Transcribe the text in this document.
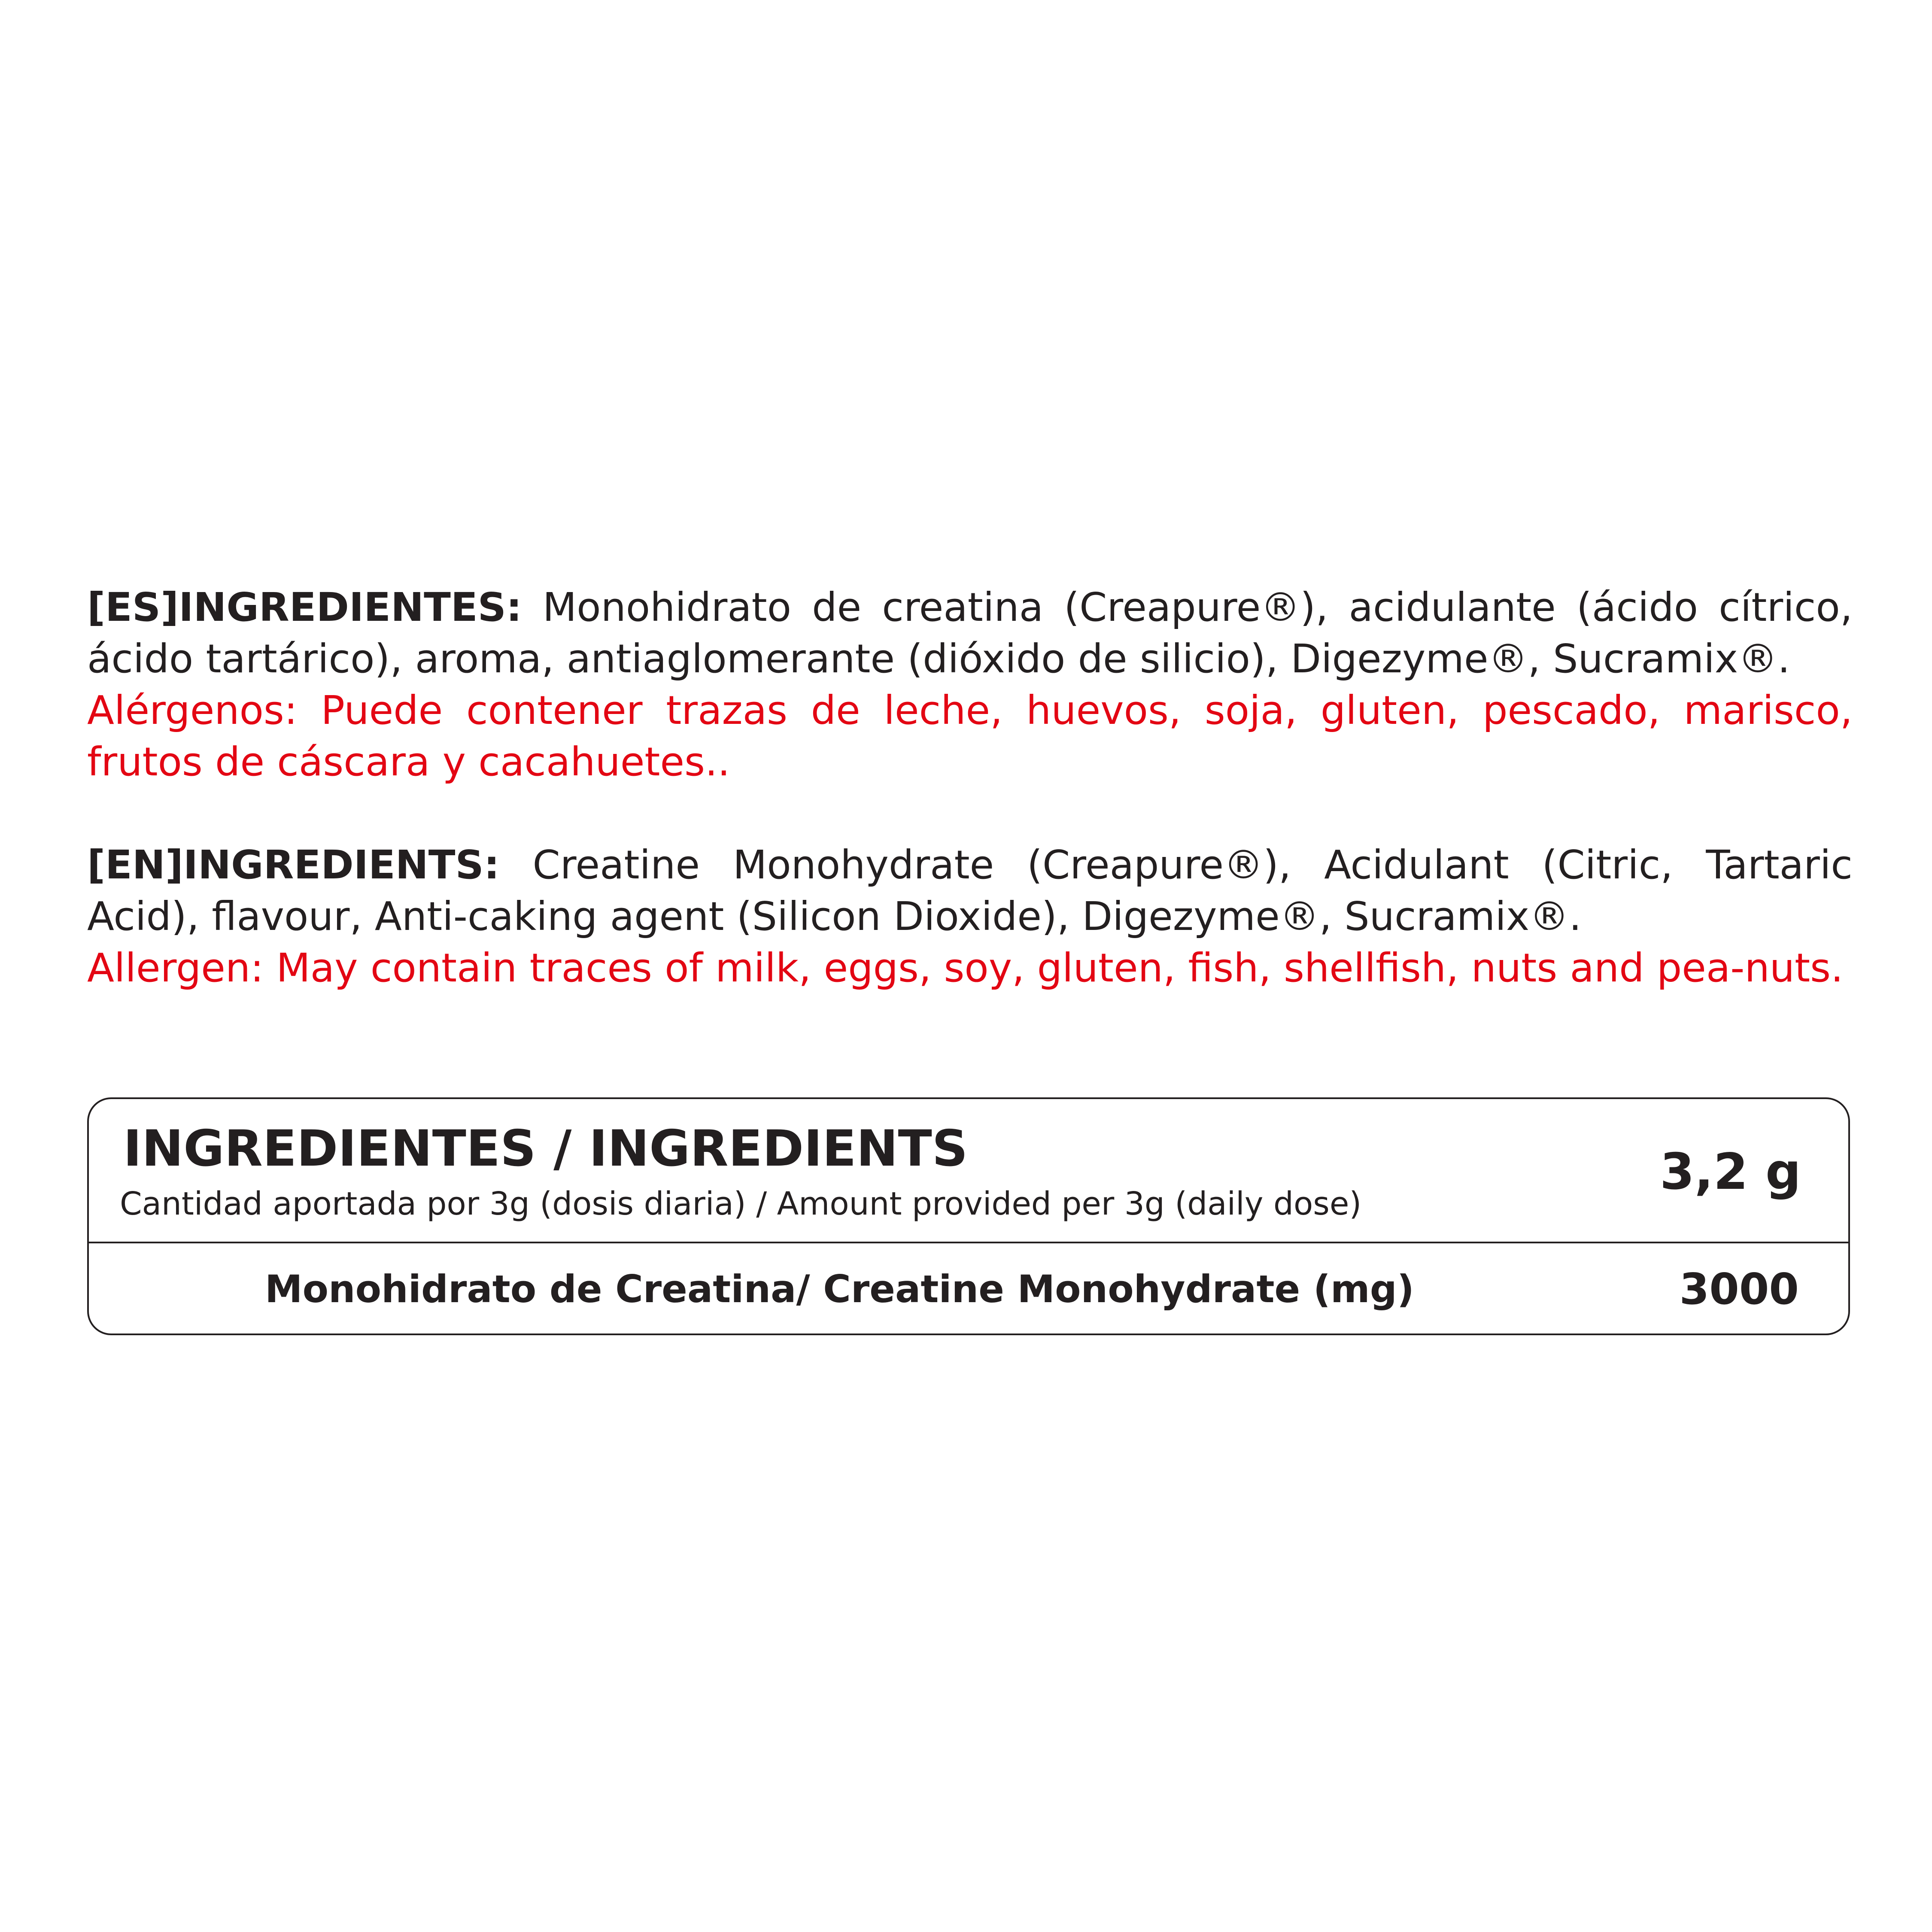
[ES]INGREDIENTES: Monohidrato de creatina (Creapure®), acidulante (ácido cítrico, ácido tartárico), aroma, antiaglomerante (dióxido de silicio), Digezyme®, Sucramix®.

Alérgenos: Puede contener trazas de leche, huevos, soja, gluten, pescado, marisco, frutos de cáscara y cacahuetes..

[EN]INGREDIENTS: Creatine Monohydrate (Creapure®), Acidulant (Citric, Tartaric Acid), flavour, Anti-caking agent (Silicon Dioxide), Digezyme®, Sucramix®.

Allergen: May contain traces of milk, eggs, soy, gluten, fish, shellfish, nuts and pea-nuts.

INGREDIENTES / INGREDIENTS
Cantidad aportada por 3g (dosis diaria) / Amount provided per 3g (daily dose)
3,2 g
Monohidrato de Creatina/ Creatine Monohydrate (mg)	3000
